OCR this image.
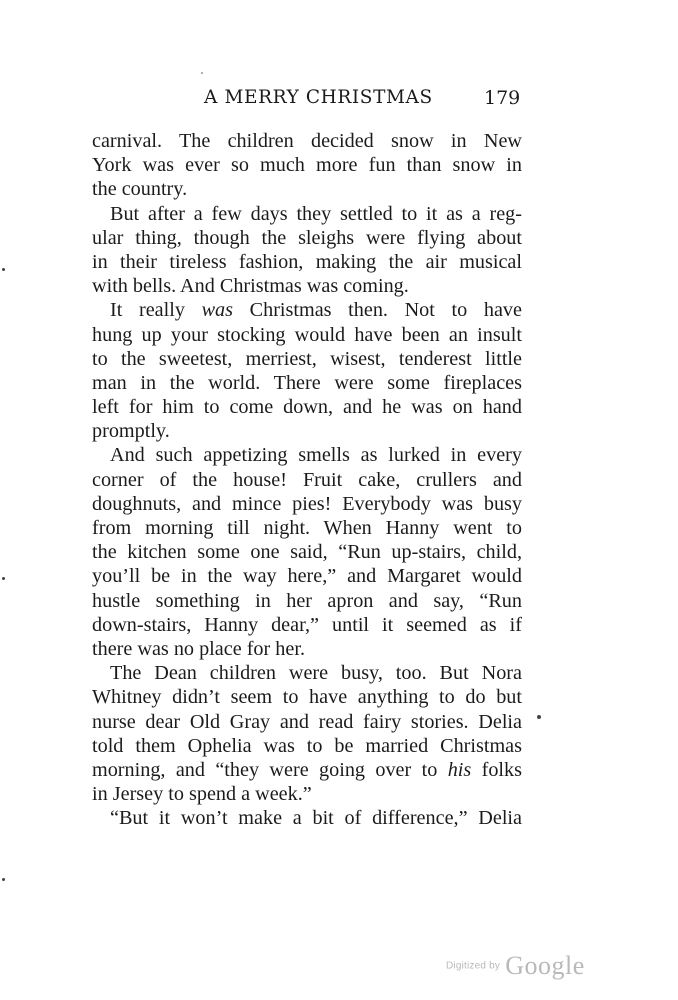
A MERRY CHRISTMAS	179
carnival. The children decided snow in New
York was ever so much more fun than snow in
the country.
But after a few days they settled to it as a reg-
ular thing, though the sleighs were flying about
in their tireless fashion, making the air musical
with bells. And Christmas was coming.
It really was Christmas then. Not to have
hung up your stocking would have been an insult
to the sweetest, merriest, wisest, tenderest little
man in the world. There were some fireplaces
left for him to come down, and he was on hand
promptly.
And such appetizing smells as lurked in every
corner of the house! Fruit cake, crullers and
doughnuts, and mince pies! Everybody was busy
from morning till night. When Hanny went to
the kitchen some one said, “Run up-stairs, child,
you’ll be in the way here,” and Margaret would
hustle something in her apron and say, “Run
down-stairs, Hanny dear,” until it seemed as if
there was no place for her.
The Dean children were busy, too. But Nora
Whitney didn’t seem to have anything to do but
nurse dear Old Gray and read fairy stories. Delia
told them Ophelia was to be married Christmas
morning, and “they were going over to his folks
in Jersey to spend a week.”
“But it won’t make a bit of difference,” Delia
Digitized by Google
